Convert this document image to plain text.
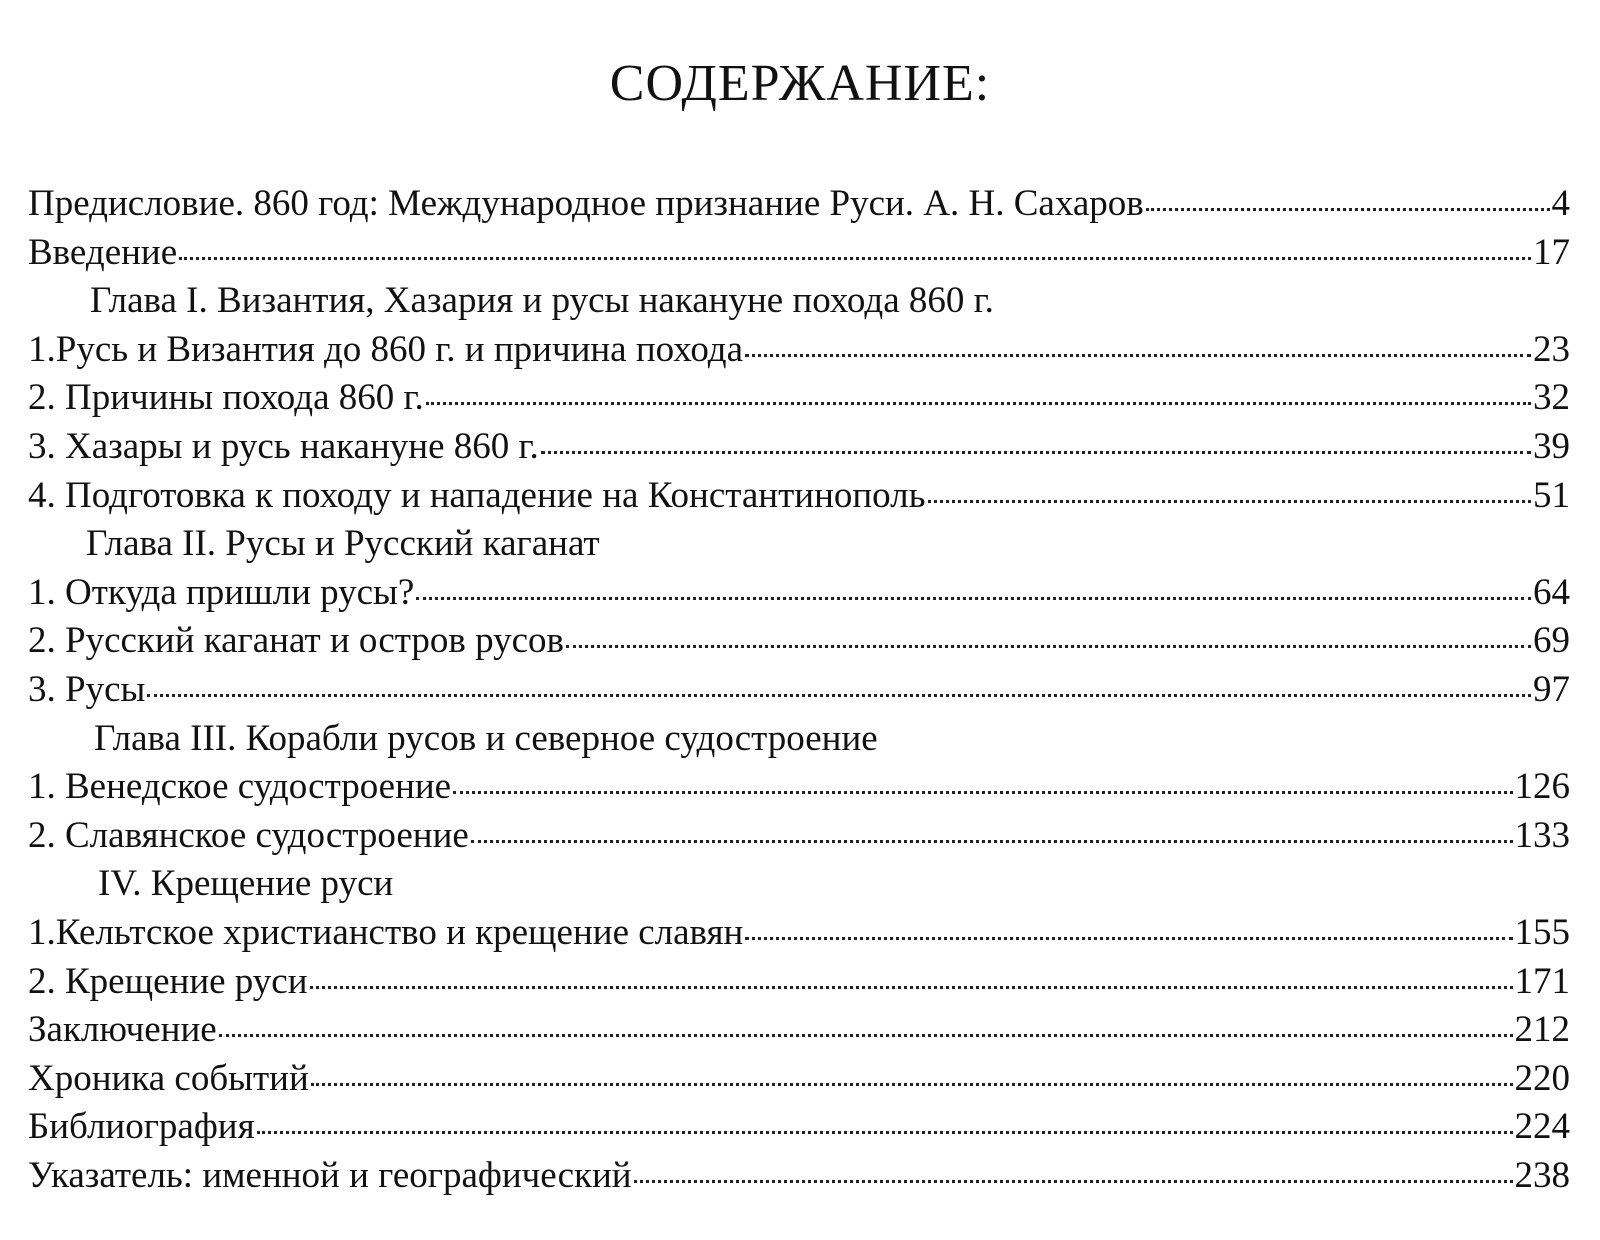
СОДЕРЖАНИЕ:
Предисловие. 860 год: Международное признание Руси. А. Н. Сахаров	4
Введение	17
Глава I. Византия, Хазария и русы накануне похода 860 г.
1.Русь и Византия до 860 г. и причина похода	23
2. Причины похода 860 г.	32
3. Хазары и русь накануне 860 г.	39
4. Подготовка к походу и нападение на Константинополь	51
Глава II. Русы и Русский каганат
1. Откуда пришли русы?	64
2. Русский каганат и остров русов	69
3. Русы	97
Глава III. Корабли русов и северное судостроение
1. Венедское судостроение	126
2. Славянское судостроение	133
IV. Крещение руси
1.Кельтское христианство и крещение славян	155
2. Крещение руси	171
Заключение	212
Хроника событий	220
Библиография	224
Указатель: именной и географический	238
